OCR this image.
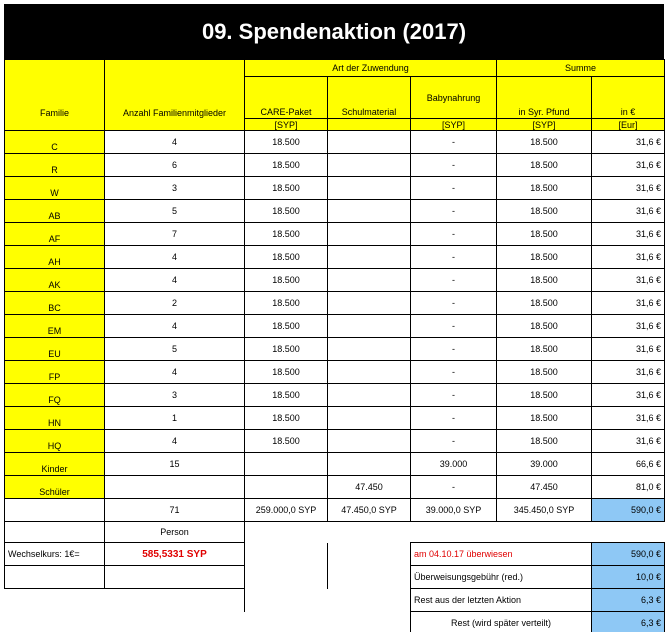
09. Spendenaktion (2017)
		Art der Zuwendung			Summe	
Familie	Anzahl Familienmitglieder	CARE-Paket	Schulmaterial	Babynahrung	in Syr. Pfund	in €
		[SYP]		[SYP]	[SYP]	[Eur]
C	4	18.500		-	18.500	31,6 €
R	6	18.500		-	18.500	31,6 €
W	3	18.500		-	18.500	31,6 €
AB	5	18.500		-	18.500	31,6 €
AF	7	18.500		-	18.500	31,6 €
AH	4	18.500		-	18.500	31,6 €
AK	4	18.500		-	18.500	31,6 €
BC	2	18.500		-	18.500	31,6 €
EM	4	18.500		-	18.500	31,6 €
EU	5	18.500		-	18.500	31,6 €
FP	4	18.500		-	18.500	31,6 €
FQ	3	18.500		-	18.500	31,6 €
HN	1	18.500		-	18.500	31,6 €
HQ	4	18.500		-	18.500	31,6 €
Kinder	15			39.000	39.000	66,6 €
Schüler			47.450	-	47.450	81,0 €
	71	259.000,0 SYP	47.450,0 SYP	39.000,0 SYP	345.450,0 SYP	590,0 €
	Person					
Wechselkurs: 1€=	585,5331 SYP			am 04.10.17 überwiesen		590,0 €
				Überweisungsgebühr (red.)		10,0 €
				Rest aus der letzten Aktion		6,3 €
				Rest (wird später verteilt)		6,3 €
